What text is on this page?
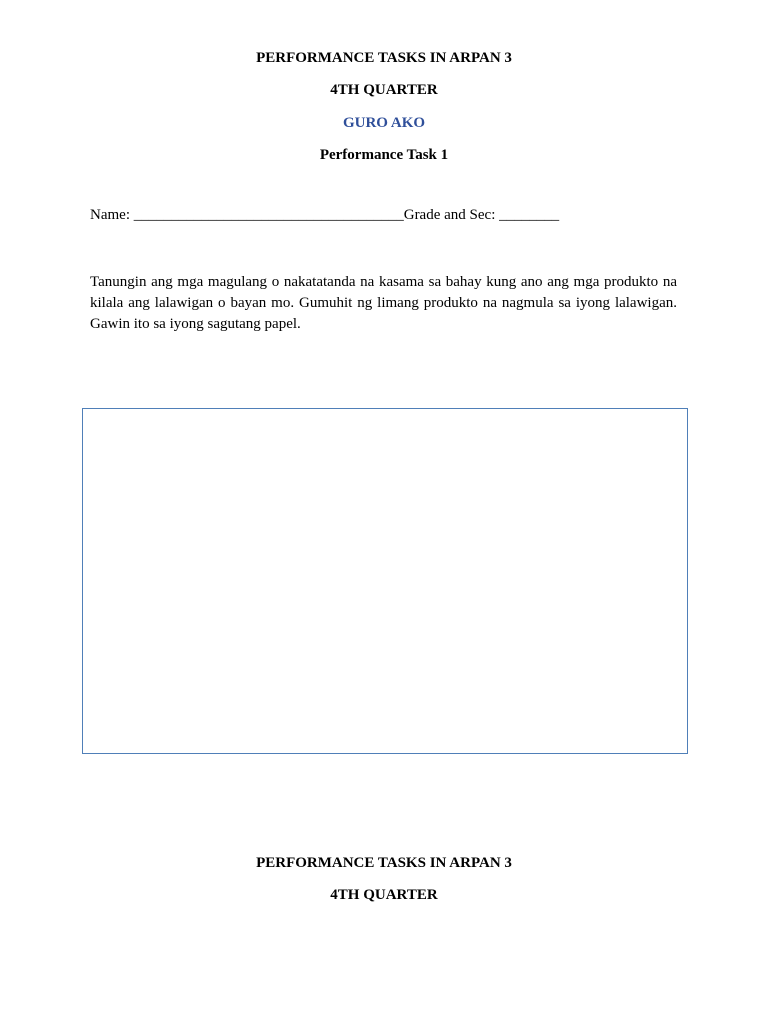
PERFORMANCE TASKS IN ARPAN 3
4TH QUARTER
GURO AKO
Performance Task 1
Name: ____________________________________Grade and Sec: ________
Tanungin ang mga magulang o nakatatanda na kasama sa bahay kung ano ang mga produkto na kilala ang lalawigan o bayan mo. Gumuhit ng limang produkto na nagmula sa iyong lalawigan. Gawin ito sa iyong sagutang papel.
PERFORMANCE TASKS IN ARPAN 3
4TH QUARTER
